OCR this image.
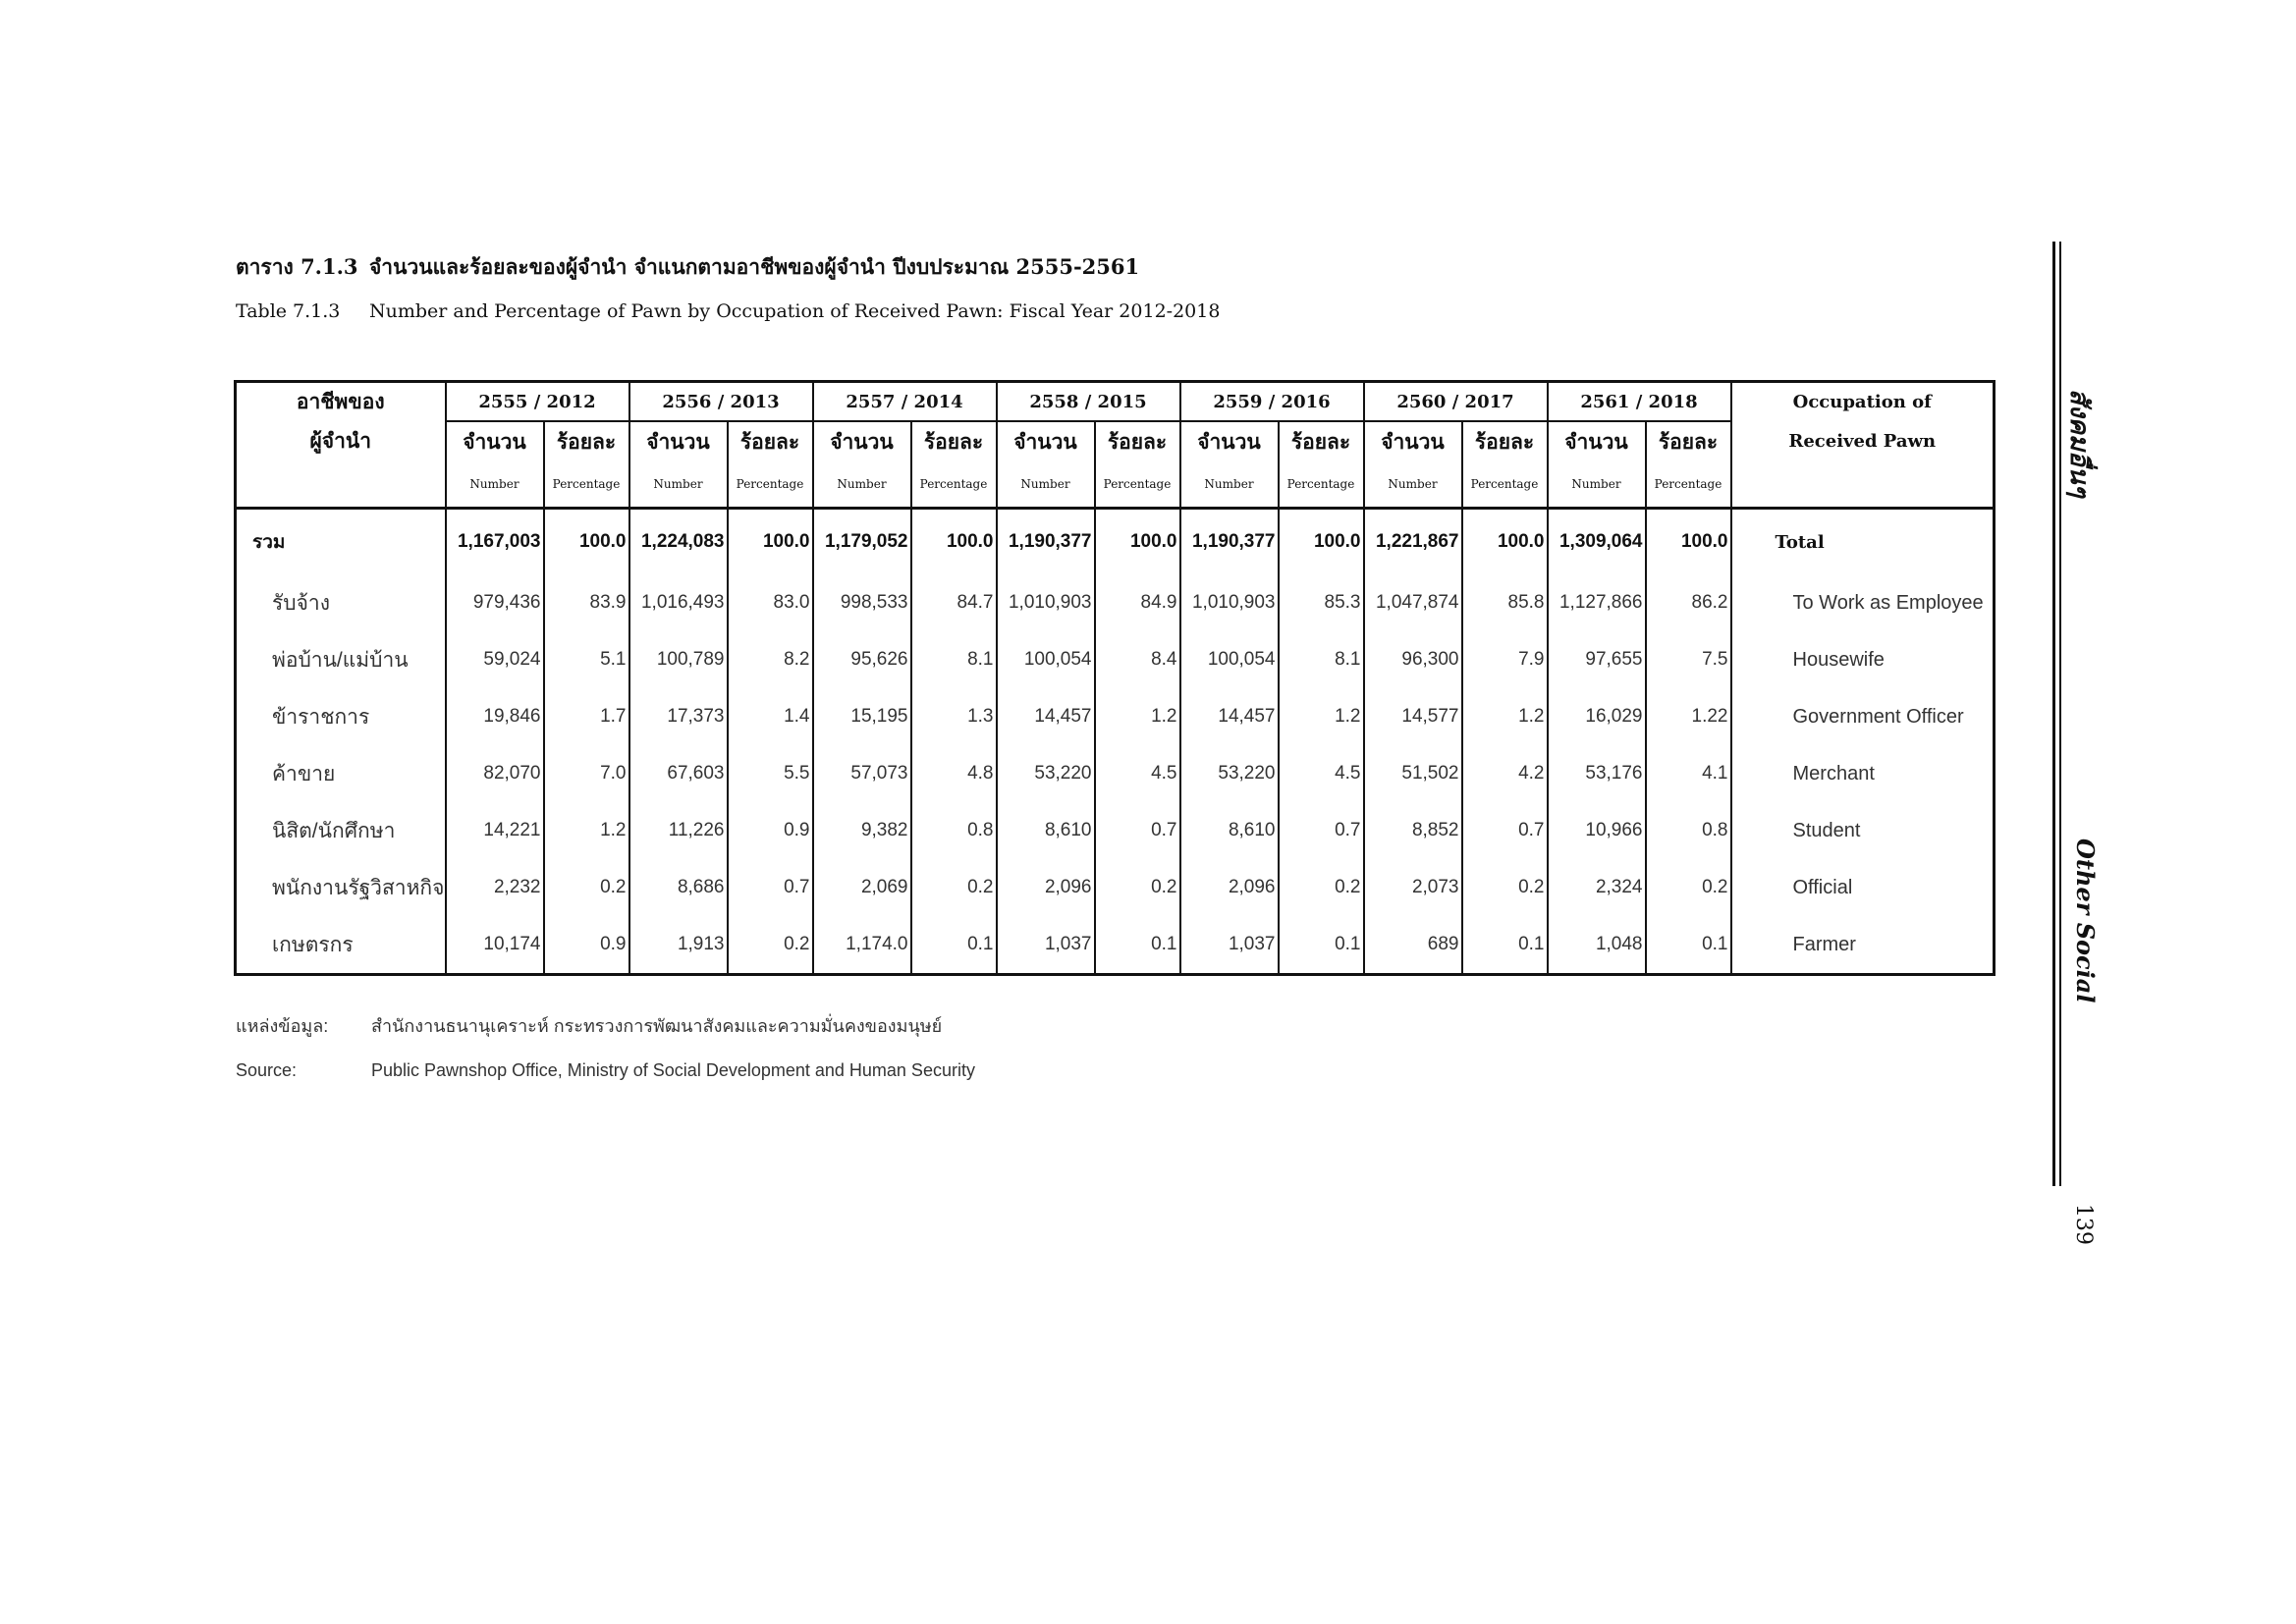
ตาราง 7.1.3 จำนวนและร้อยละของผู้จำนำ จำแนกตามอาชีพของผู้จำนำ ปีงบประมาณ 2555-2561
Table 7.1.3 Number and Percentage of Pawn by Occupation of Received Pawn: Fiscal Year 2012-2018
อาชีพของ	2555 / 2012		2556 / 2013		2557 / 2014		2558 / 2015		2559 / 2016		2560 / 2017		2561 / 2018		Occupation of
ผู้จำนำ	จำนวน	ร้อยละ	จำนวน	ร้อยละ	จำนวน	ร้อยละ	จำนวน	ร้อยละ	จำนวน	ร้อยละ	จำนวน	ร้อยละ	จำนวน	ร้อยละ	Received Pawn
	Number	Percentage	Number	Percentage	Number	Percentage	Number	Percentage	Number	Percentage	Number	Percentage	Number	Percentage	
รวม	1,167,003	100.0	1,224,083	100.0	1,179,052	100.0	1,190,377	100.0	1,190,377	100.0	1,221,867	100.0	1,309,064	100.0	Total
รับจ้าง	979,436	83.9	1,016,493	83.0	998,533	84.7	1,010,903	84.9	1,010,903	85.3	1,047,874	85.8	1,127,866	86.2	To Work as Employee
พ่อบ้าน/แม่บ้าน	59,024	5.1	100,789	8.2	95,626	8.1	100,054	8.4	100,054	8.1	96,300	7.9	97,655	7.5	Housewife
ข้าราชการ	19,846	1.7	17,373	1.4	15,195	1.3	14,457	1.2	14,457	1.2	14,577	1.2	16,029	1.22	Government Officer
ค้าขาย	82,070	7.0	67,603	5.5	57,073	4.8	53,220	4.5	53,220	4.5	51,502	4.2	53,176	4.1	Merchant
นิสิต/นักศึกษา	14,221	1.2	11,226	0.9	9,382	0.8	8,610	0.7	8,610	0.7	8,852	0.7	10,966	0.8	Student
พนักงานรัฐวิสาหกิจ	2,232	0.2	8,686	0.7	2,069	0.2	2,096	0.2	2,096	0.2	2,073	0.2	2,324	0.2	Official
เกษตรกร	10,174	0.9	1,913	0.2	1,174.0	0.1	1,037	0.1	1,037	0.1	689	0.1	1,048	0.1	Farmer
แหล่งข้อมูล: สำนักงานธนานุเคราะห์ กระทรวงการพัฒนาสังคมและความมั่นคงของมนุษย์
Source:	Public Pawnshop Office, Ministry of Social Development and Human Security
สังคมอื่นๆ
Other Social
139
